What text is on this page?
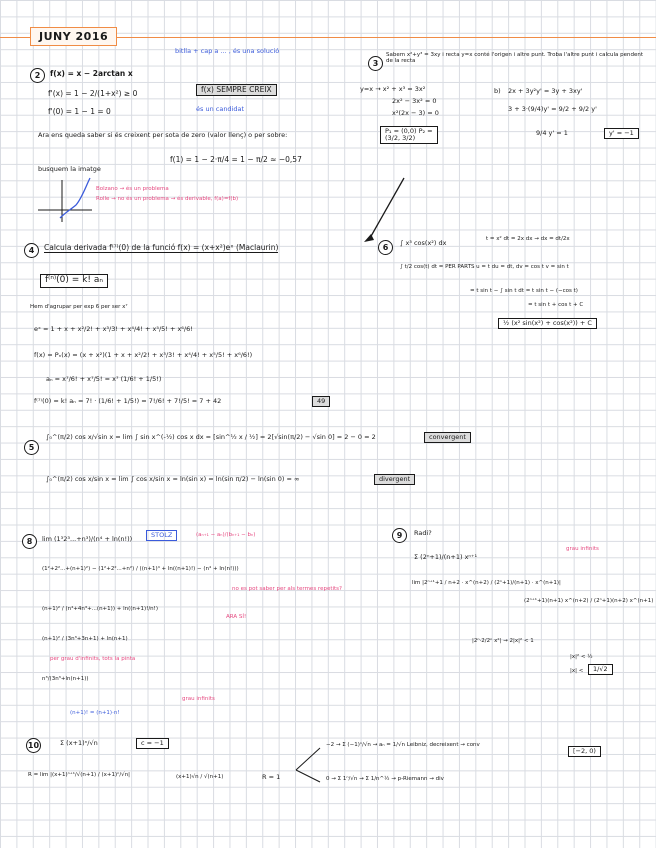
JUNY 2016
2	f(x) = x − 2arctan x
bitlla + cap a ... , és una solució
f'(x) = 1 − 2/(1+x²) ≥ 0
f'(0) = 1 − 1 = 0
f(x) SEMPRE CREIX
és un candidat
Ara ens queda saber si és creixent per sota de zero (valor llenç) o per sobre:
busquem la imatge
f(1) = 1 − 2·π/4 = 1 − π/2 ≈ −0,57
Bolzano → és un problema
Rolle → no és un problema → és derivable, f(a)=f(b)
3
Sabem x²+y³ = 3xy i recta y=x conté l'origen i altre punt. Troba l'altre punt i calcula pendent de la recta
y=x → x² + x³ = 3x²
2x² − 3x² = 0
x²(2x − 3) = 0
P₁ = (0,0) P₂ = (3/2, 3/2)
b) 2x + 3y²y' = 3y + 3xy'
3 + 3·(9/4)y' = 9/2 + 9/2 y'
9/4 y' = 1	y' = −1
4	Calcula derivada f⁽⁷⁾(0) de la funció f(x) = (x+x²)eˣ (Maclaurin)
f⁽ⁿ⁾(0) = k! aₙ
Hem d'agrupar per exp 6 per ser x⁷
eˣ = 1 + x + x²/2! + x³/3! + x⁴/4! + x⁵/5! + x⁶/6!
f(x) = Pₙ(x) = (x + x²)(1 + x + x²/2! + x³/3! + x⁴/4! + x⁵/5! + x⁶/6!)
aₙ = x⁷/6! + x⁷/5! = x⁷ (1/6! + 1/5!)
f⁽⁷⁾(0) = k! aₙ = 7! · (1/6! + 1/5!) = 7!/6! + 7!/5! = 7 + 42	49
5
∫₀^(π/2) cos x/√sin x = lim ∫ sin x^(-½) cos x dx = [sin^½ x / ½] = 2[√sin(π/2) − √sin 0] = 2 − 0 = 2	convergent
∫₀^(π/2) cos x/sin x = lim ∫ cos x/sin x = ln(sin x) = ln(sin π/2) − ln(sin 0) = ∞	divergent
6	∫ x³ cos(x²) dx	t = x² dt = 2x dx → dx = dt/2x
∫ t/2 cos(t) dt = PER PARTS u = t du = dt, dv = cos t v = sin t
= t sin t − ∫ sin t dt = t sin t − (−cos t)
= t sin t + cos t + C
½ (x² sin(x²) + cos(x²)) + C
8	lim (1³2³...+n³)/(n⁴ + ln(n!))	STOLZ	(aₙ₊₁ − aₙ)/(bₙ₊₁ − bₙ)
(1²+2²...+(n+1)²) − (1²+2²...+n²) / ((n+1)⁴ + ln((n+1)!) − (n⁴ + ln(n!)))
no es pot saber per als termes repetits?
(n+1)² / (n⁴+4n³+...(n+1)) + ln((n+1)!/n!)
ARA SÍ!
(n+1)² / (3n³+3n+1) + ln(n+1)
per grau d'infinits, tots la pinta
n³/(3n³+ln(n+1))
grau infinits
(n+1)! = (n+1)·n!
9	Radi?
Σ (2ⁿ+1)/(n+1) xⁿ⁺¹
grau infinits
lim |2ⁿ⁺¹+1 / n+2 · x^(n+2) / (2ⁿ+1)/(n+1) · x^(n+1)|
(2ⁿ⁺¹+1)(n+1) x^(n+2) / (2ⁿ+1)(n+2) x^(n+1)
|2ⁿ·2/2ⁿ x²| → 2|x|² < 1
|x|² < ½
|x| <	1/√2
10	Σ (x+1)ⁿ/√n	c = −1
R = lim |(x+1)ⁿ⁺¹/√(n+1) / (x+1)ⁿ/√n|	(x+1)√n / √(n+1)	R = 1
−2 → Σ (−1)ⁿ/√n → aₙ = 1/√n Leibniz, decreixent → conv
0 → Σ 1ⁿ/√n → Σ 1/n^½ → p-Riemann → div
[−2, 0)
